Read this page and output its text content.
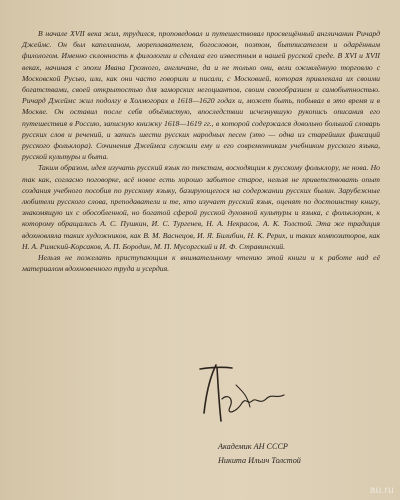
В начале XVII века жил, трудился, проповедовал и путешествовал просвещённый англичанин Ричард Джеймс. Он был капелланом, мореплавателем, богословом, поэтом, бытписателем и одарённым филологом. Именно склонность к филологии и сделала его известным в нашей русской среде. В XVI и XVII веках, начиная с эпохи Ивана Грозного, англичане, да и не только они, вели оживлённую торговлю с Московской Русью, или, как они часто говорили и писали, с Московией, которая привлекала их своими богатствами, своей открытостью для заморских негоциантов, своим своеобразием и самобытностью. Ричард Джеймс жил подолгу в Холмогорах в 1618—1620 годах и, может быть, побывал в это время и в Москве. Он оставил после себя объёмистую, впоследствии исчезнувшую рукопись описания его путешествия в Россию, записную книжку 1618—1619 гг., в которой содержался довольно большой словарь русских слов и речений, и запись шести русских народных песен (это — одна из старейших фиксаций русского фольклора). Сочинения Джеймса служили ему и его современникам учебником русского языка, русской культуры и быта.

Таким образом, идея изучать русский язык по текстам, восходящим к русскому фольклору, не нова. Но так как, согласно поговорке, всё новое есть хорошо забытое старое, нельзя не приветствовать опыт создания учебного пособия по русскому языку, базирующегося на содержании русских былин. Зарубежные любители русского слова, преподаватели и те, кто изучает русский язык, оценят по достоинству книгу, знакомящую их с обособленной, но богатой сферой русской духовной культуры и языка, с фольклором, к которому обращались А. С. Пушкин, И. С. Тургенев, Н. А. Некрасов, А. К. Толстой. Эта же традиция вдохновляла таких художников, как В. М. Васнецов, И. Я. Билибин, Н. К. Рерих, и таких композиторов, как Н. А. Римский-Корсаков, А. П. Бородин, М. П. Мусоргский и И. Ф. Стравинский.

Нельзя не пожелать приступающим к внимательному чтению этой книги и к работе над её материалом вдохновенного труда и усердия.

Академик АН СССР
Никита Ильич Толстой
au.ru
